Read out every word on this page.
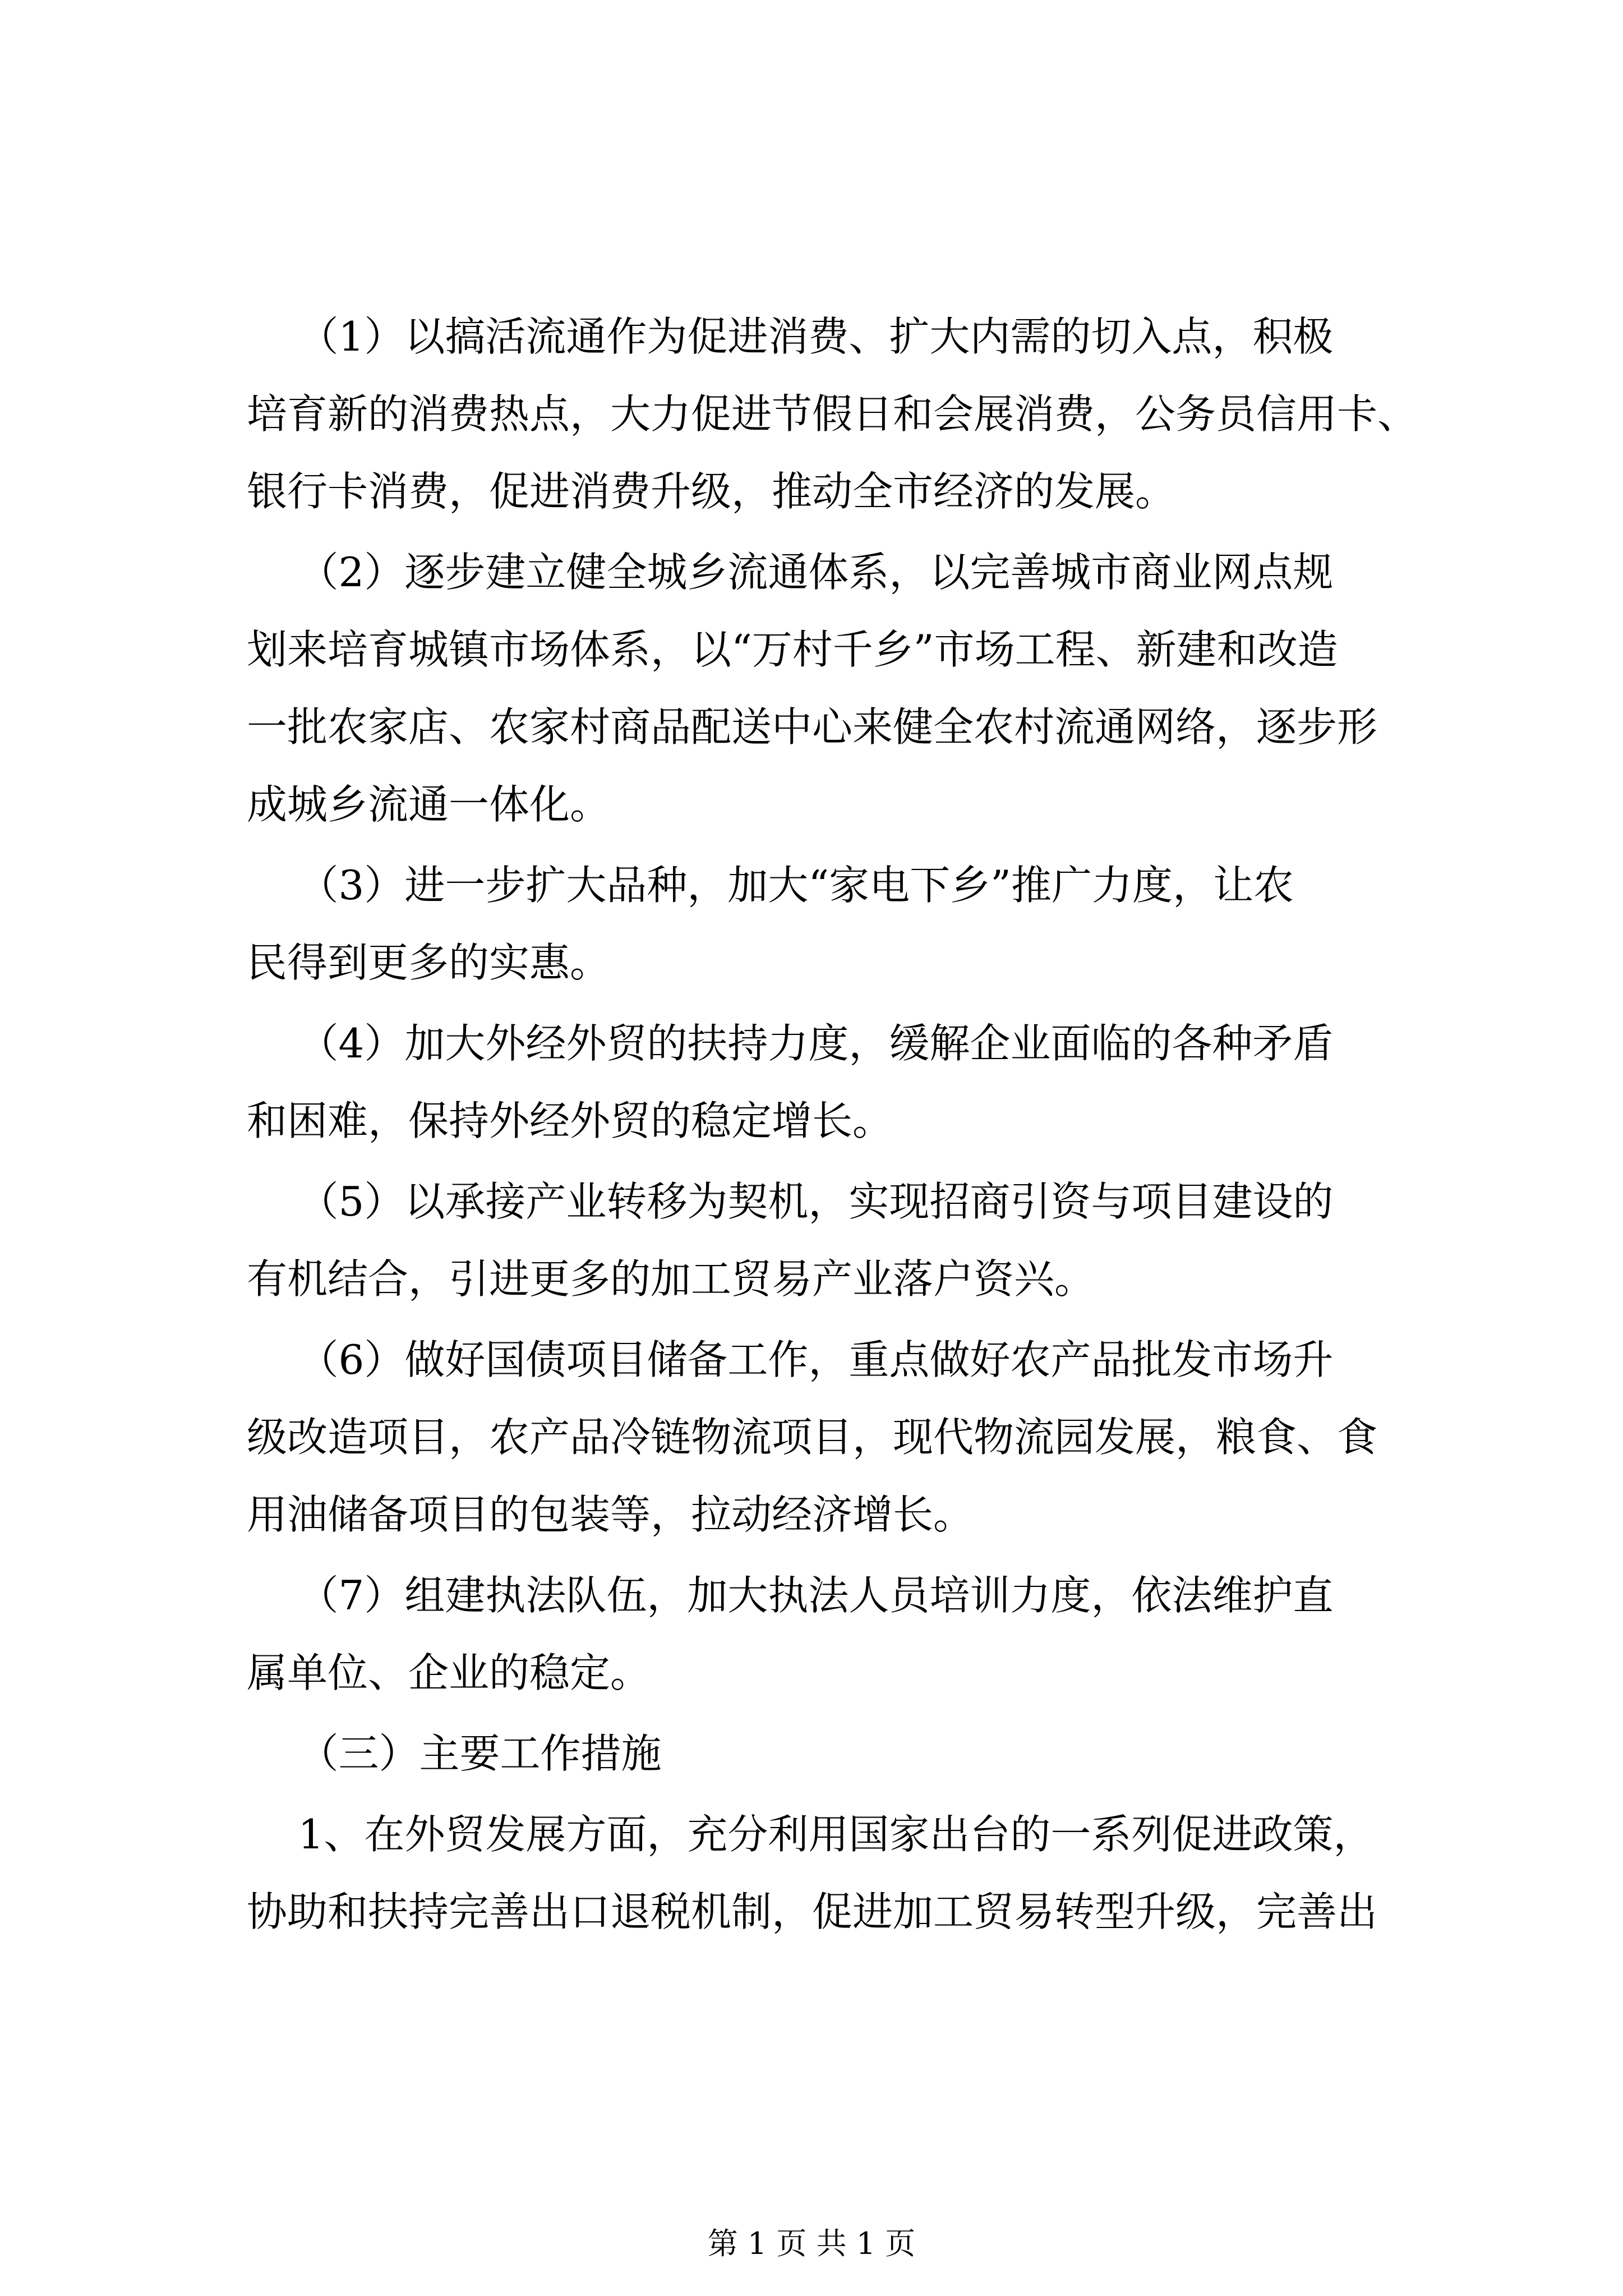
（1）以搞活流通作为促进消费、扩大内需的切入点，积极
培育新的消费热点，大力促进节假日和会展消费，公务员信用卡、
银行卡消费，促进消费升级，推动全市经济的发展。
（2）逐步建立健全城乡流通体系，以完善城市商业网点规
划来培育城镇市场体系，以“万村千乡”市场工程、新建和改造
一批农家店、农家村商品配送中心来健全农村流通网络，逐步形
成城乡流通一体化。
（3）进一步扩大品种，加大“家电下乡”推广力度，让农
民得到更多的实惠。
（4）加大外经外贸的扶持力度，缓解企业面临的各种矛盾
和困难，保持外经外贸的稳定增长。
（5）以承接产业转移为契机，实现招商引资与项目建设的
有机结合，引进更多的加工贸易产业落户资兴。
（6）做好国债项目储备工作，重点做好农产品批发市场升
级改造项目，农产品冷链物流项目，现代物流园发展，粮食、食
用油储备项目的包装等，拉动经济增长。
（7）组建执法队伍，加大执法人员培训力度，依法维护直
属单位、企业的稳定。
（三）主要工作措施
1、在外贸发展方面，充分利用国家出台的一系列促进政策，
协助和扶持完善出口退税机制，促进加工贸易转型升级，完善出
第 1 页 共 1 页
